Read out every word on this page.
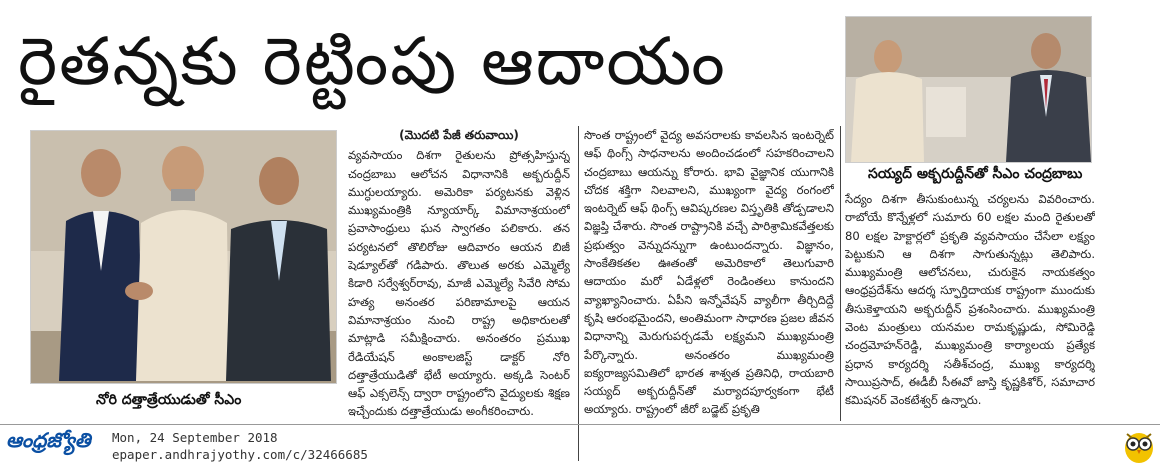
రైతన్నకు రెట్టింపు ఆదాయం
నోరి దత్తాత్రేయుడుతో సీఎం
సయ్యద్ అక్బరుద్దీన్‌తో సీఎం చంద్రబాబు
(మొదటి పేజీ తరువాయి)

వ్యవసాయం దిశగా రైతులను ప్రోత్సహిస్తున్న చంద్రబాబు ఆలోచన విధానానికి అక్బరుద్దీన్ ముగ్ధులయ్యారు. అమెరికా పర్యటనకు వెళ్లిన ముఖ్యమంత్రికి న్యూయార్క్ విమానాశ్రయంలో ప్రవాసాంధ్రులు ఘన స్వాగతం పలికారు. తన పర్యటనలో తొలిరోజు ఆదివారం ఆయన బిజీ షెడ్యూల్‌తో గడిపారు. తొలుత అరకు ఎమ్మెల్యే కిడారి సర్వేశ్వర్‌రావు, మాజీ ఎమ్మెల్యే సివేరి సోమ హత్య అనంతర పరిణామాలపై ఆయన విమానాశ్రయం నుంచి రాష్ట్ర అధికారులతో మాట్లాడి సమీక్షించారు. అనంతరం ప్రముఖ రేడియేషన్ అంకాలజిస్ట్ డాక్టర్ నోరి దత్తాత్రేయుడితో భేటీ అయ్యారు. అక్కడి సెంటర్ ఆఫ్ ఎక్సలెన్స్ ద్వారా రాష్ట్రంలోని వైద్యులకు శిక్షణ ఇచ్చేందుకు దత్తాత్రేయుడు అంగీకరించారు.

సొంత రాష్ట్రంలో వైద్య అవసరాలకు కావలసిన ఇంటర్నెట్ ఆఫ్ థింగ్స్ సాధనాలను అందించడంలో సహకరించాలని చంద్రబాబు ఆయన్ను కోరారు. భావి వైజ్ఞానిక యుగానికి చోదక శక్తిగా నిలవాలని, ముఖ్యంగా వైద్య రంగంలో ఇంటర్నెట్ ఆఫ్ థింగ్స్ ఆవిష్కరణల విస్తృతికి తోడ్పడాలని విజ్ఞప్తి చేశారు. సొంత రాష్ట్రానికి వచ్చే పారిశ్రామికవేత్తలకు ప్రభుత్వం వెన్నుదన్నుగా ఉంటుందన్నారు. విజ్ఞానం, సాంకేతికతల ఊతంతో అమెరికాలో తెలుగువారి ఆదాయం మరో ఏడేళ్లలో రెండింతలు కానుందని వ్యాఖ్యానించారు. ఏపీని ఇన్నోవేషన్ వ్యాలీగా తీర్చిదిద్దే కృషి ఆరంభమైందని, అంతిమంగా సాధారణ ప్రజల జీవన విధానాన్ని మెరుగుపర్చడమే లక్ష్యమని ముఖ్యమంత్రి పేర్కొన్నారు. అనంతరం ముఖ్యమంత్రి ఐక్యరాజ్యసమితిలో భారత శాశ్వత ప్రతినిధి, రాయబారి సయ్యద్ అక్బరుద్దీన్‌తో మర్యాదపూర్వకంగా భేటీ అయ్యారు. రాష్ట్రంలో జీరో బడ్జెట్ ప్రకృతి

సేద్యం దిశగా తీసుకుంటున్న చర్యలను వివరించారు. రాబోయే కొన్నేళ్లలో సుమారు 60 లక్షల మంది రైతులతో 80 లక్షల హెక్టార్లలో ప్రకృతి వ్యవసాయం చేసేలా లక్ష్యం పెట్టుకుని ఆ దిశగా సాగుతున్నట్లు తెలిపారు. ముఖ్యమంత్రి ఆలోచనలు, చురుకైన నాయకత్వం ఆంధ్రప్రదేశ్‌ను ఆదర్శ స్ఫూర్తిదాయక రాష్ట్రంగా ముందుకు తీసుకెళ్తాయని అక్బరుద్దీన్ ప్రశంసించారు. ముఖ్యమంత్రి వెంట మంత్రులు యనమల రామకృష్ణుడు, సోమిరెడ్డి చంద్రమోహన్‌రెడ్డి, ముఖ్యమంత్రి కార్యాలయ ప్రత్యేక ప్రధాన కార్యదర్శి సతీశ్‌చంద్ర, ముఖ్య కార్యదర్శి సాయిప్రసాద్, ఈడీబీ సీఈవో జాస్తి కృష్ణకిశోర్, సమాచార కమిషనర్ వెంకటేశ్వర్ ఉన్నారు.

ఆంధ్రజ్యోతి Mon, 24 September 2018
epaper.andhrajyothy.com/c/32466685
